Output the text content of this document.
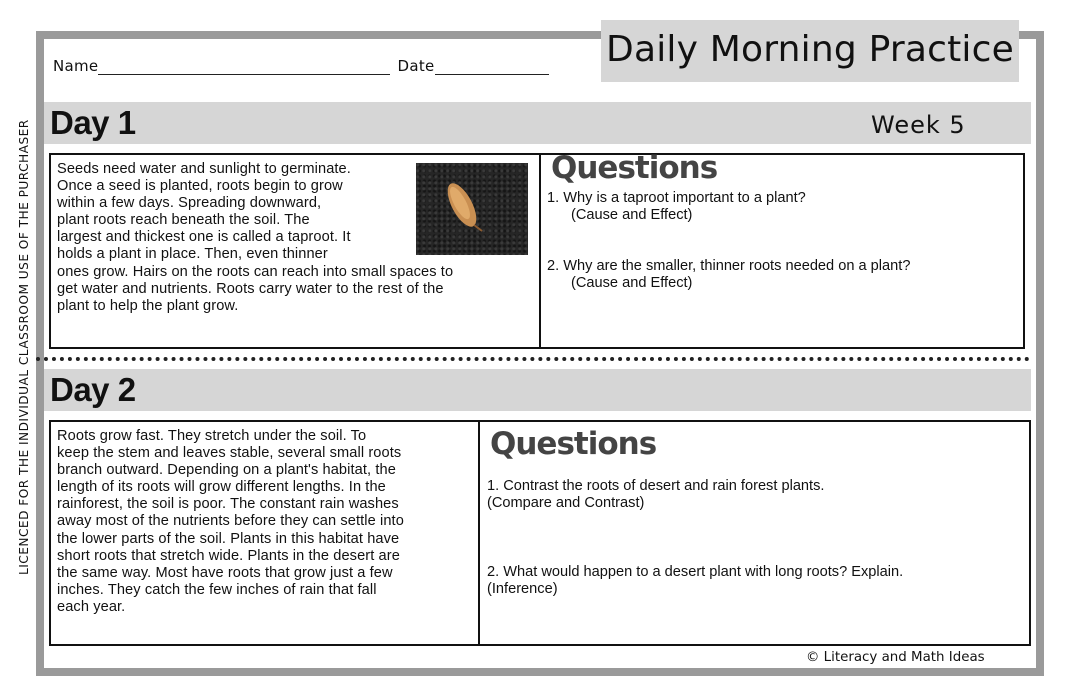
LICENCED FOR THE INDIVIDUAL CLASSROOM USE OF THE PURCHASER
Name	Date	Daily Morning Practice
Day 1	Week 5

Seeds need water and sunlight to germinate.

Once a seed is planted, roots begin to grow

within a few days. Spreading downward,

plant roots reach beneath the soil. The

largest and thickest one is called a taproot. It

holds a plant in place. Then, even thinner

ones grow. Hairs on the roots can reach into small spaces to

get water and nutrients. Roots carry water to the rest of the

plant to help the plant grow.

Questions

1. Why is a taproot important to a plant?

(Cause and Effect)

2. Why are the smaller, thinner roots needed on a plant?

(Cause and Effect)

Day 2

Roots grow fast. They stretch under the soil. To

keep the stem and leaves stable, several small roots

branch outward. Depending on a plant's habitat, the

length of its roots will grow different lengths. In the

rainforest, the soil is poor. The constant rain washes

away most of the nutrients before they can settle into

the lower parts of the soil. Plants in this habitat have

short roots that stretch wide. Plants in the desert are

the same way. Most have roots that grow just a few

inches. They catch the few inches of rain that fall

each year.

Questions

1. Contrast the roots of desert and rain forest plants.

(Compare and Contrast)

2. What would happen to a desert plant with long roots? Explain.

(Inference)

© Literacy and Math Ideas
